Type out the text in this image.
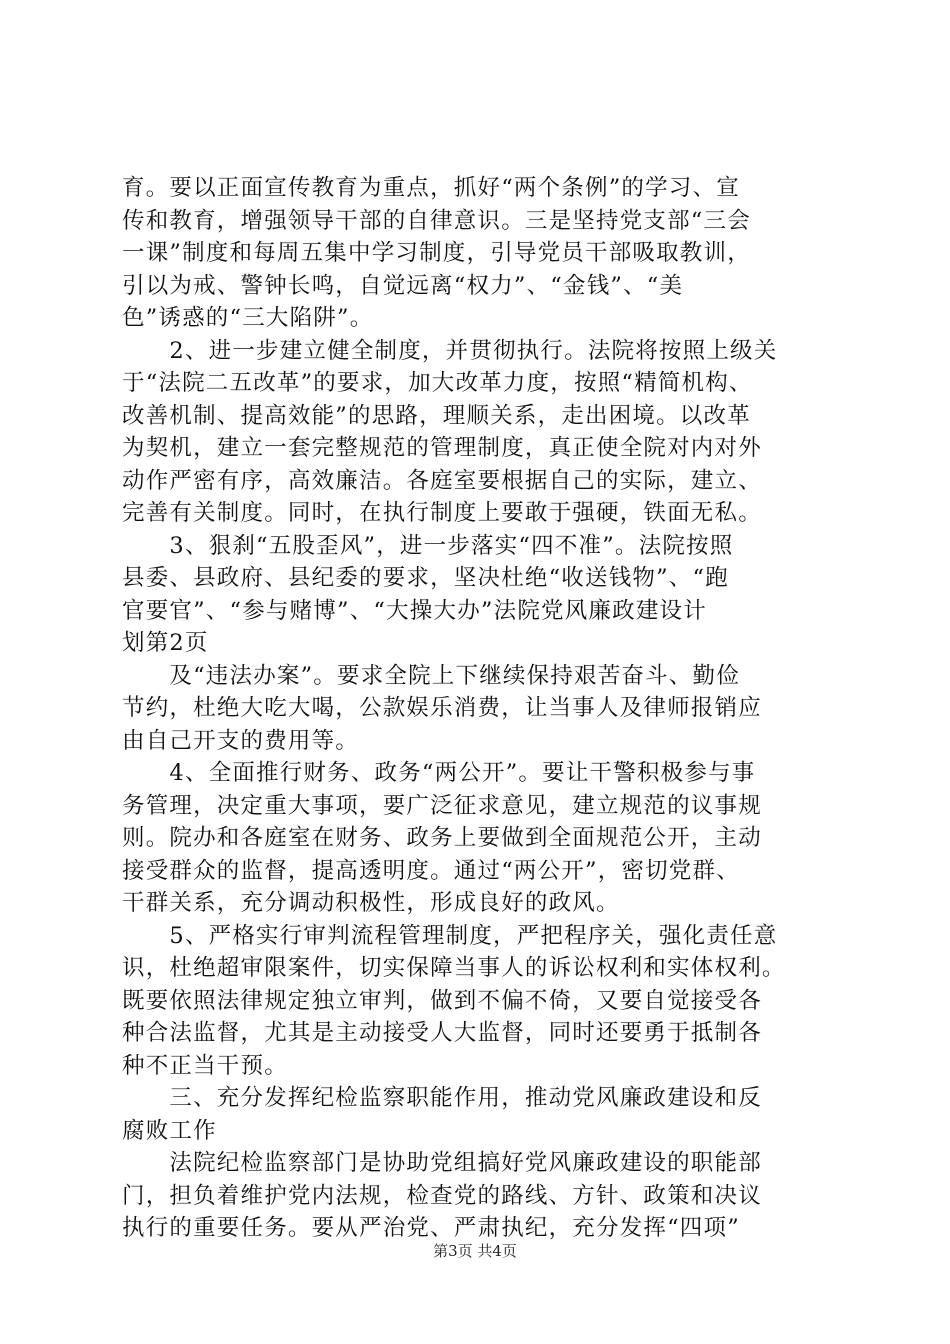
育。要以正面宣传教育为重点，抓好“两个条例”的学习、宣
传和教育，增强领导干部的自律意识。三是坚持党支部“三会
一课”制度和每周五集中学习制度，引导党员干部吸取教训，
引以为戒、警钟长鸣，自觉远离“权力”、“金钱”、“美
色”诱惑的“三大陷阱”。
　　2、进一步建立健全制度，并贯彻执行。法院将按照上级关
于“法院二五改革”的要求，加大改革力度，按照“精简机构、
改善机制、提高效能”的思路，理顺关系，走出困境。以改革
为契机，建立一套完整规范的管理制度，真正使全院对内对外
动作严密有序，高效廉洁。各庭室要根据自己的实际，建立、
完善有关制度。同时，在执行制度上要敢于强硬，铁面无私。
　　3、狠刹“五股歪风”，进一步落实“四不准”。法院按照
县委、县政府、县纪委的要求，坚决杜绝“收送钱物”、“跑
官要官”、“参与赌博”、“大操大办”法院党风廉政建设计
划第2页
　　及“违法办案”。要求全院上下继续保持艰苦奋斗、勤俭
节约，杜绝大吃大喝，公款娱乐消费，让当事人及律师报销应
由自己开支的费用等。
　　4、全面推行财务、政务“两公开”。要让干警积极参与事
务管理，决定重大事项，要广泛征求意见，建立规范的议事规
则。院办和各庭室在财务、政务上要做到全面规范公开，主动
接受群众的监督，提高透明度。通过“两公开”，密切党群、
干群关系，充分调动积极性，形成良好的政风。
　　5、严格实行审判流程管理制度，严把程序关，强化责任意
识，杜绝超审限案件，切实保障当事人的诉讼权利和实体权利。
既要依照法律规定独立审判，做到不偏不倚，又要自觉接受各
种合法监督，尤其是主动接受人大监督，同时还要勇于抵制各
种不正当干预。
　　三、充分发挥纪检监察职能作用，推动党风廉政建设和反
腐败工作
　　法院纪检监察部门是协助党组搞好党风廉政建设的职能部
门，担负着维护党内法规，检查党的路线、方针、政策和决议
执行的重要任务。要从严治党、严肃执纪，充分发挥“四项”
第3页 共4页
